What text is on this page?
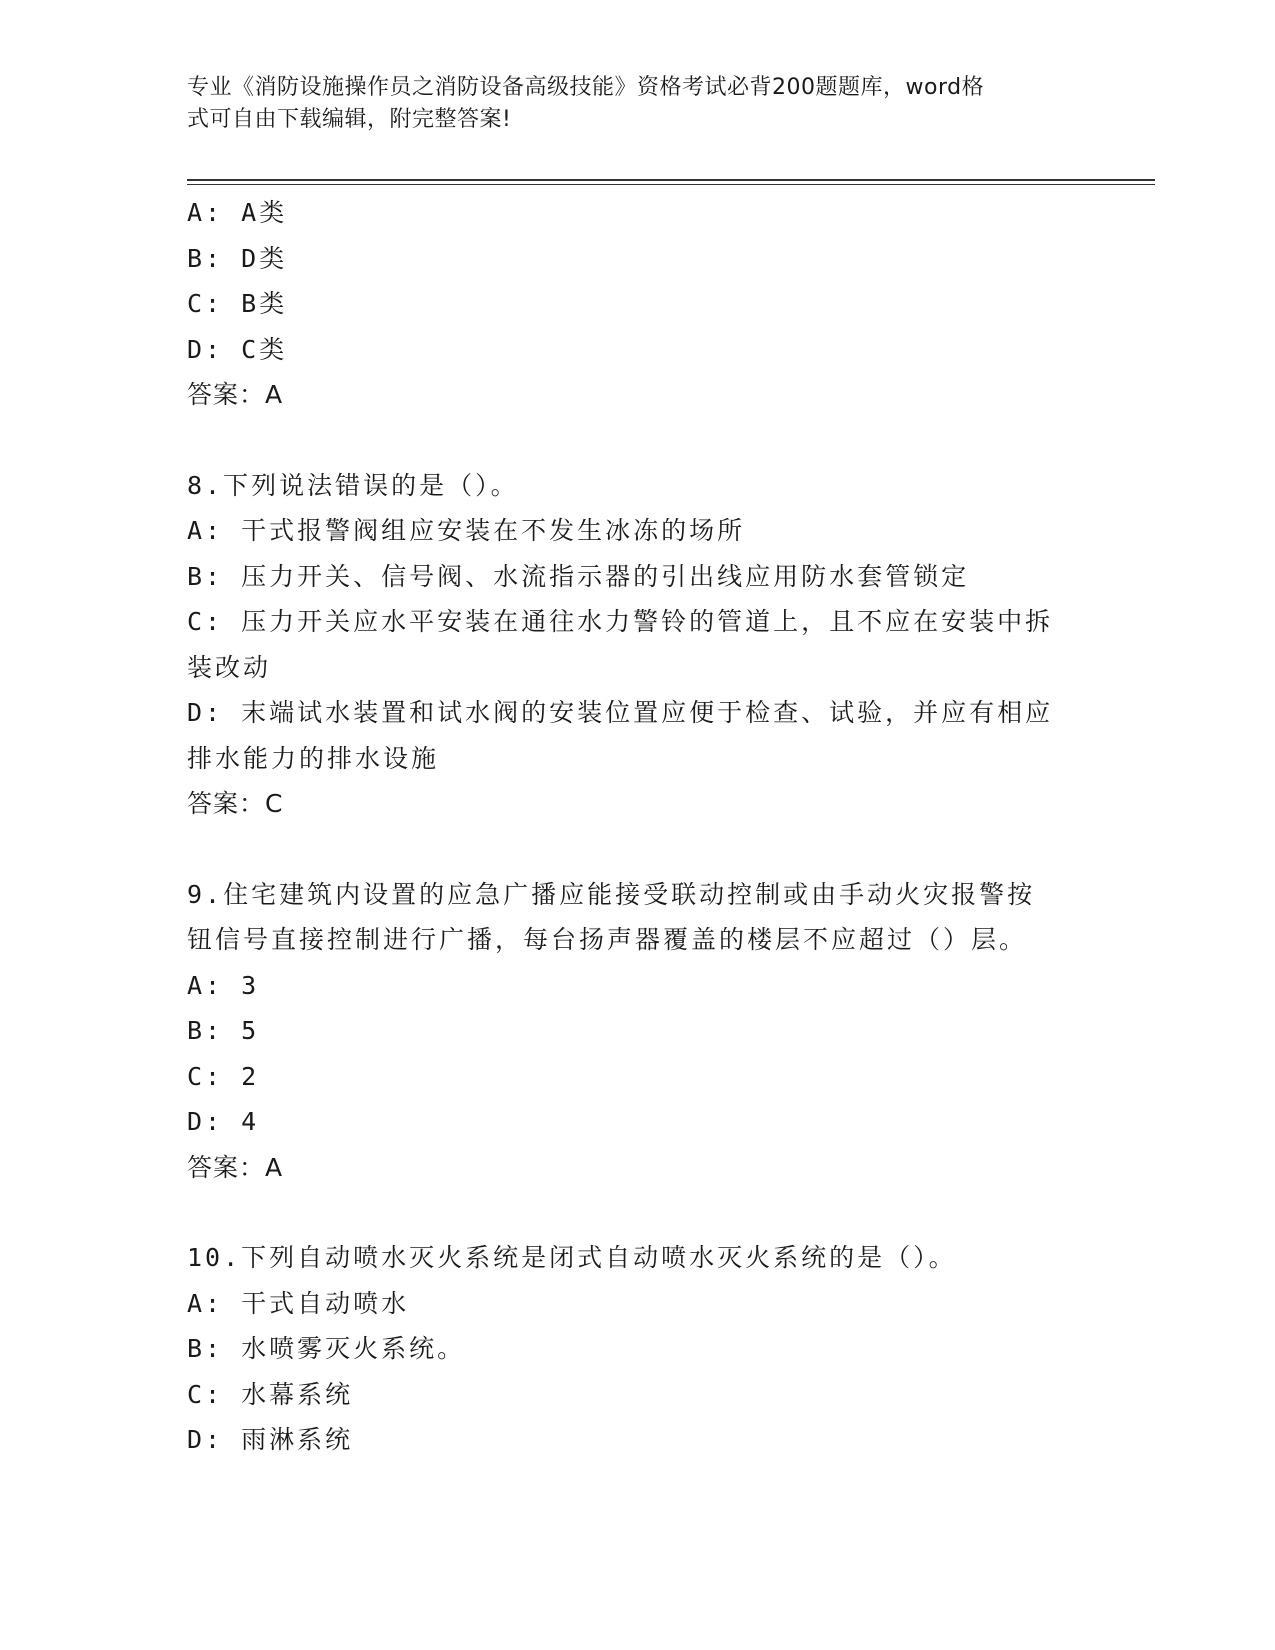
专业《消防设施操作员之消防设备高级技能》资格考试必背200题题库，word格
式可自由下载编辑，附完整答案!
A: A类
B: D类
C: B类
D: C类
答案：A
8.下列说法错误的是（）。
A: 干式报警阀组应安装在不发生冰冻的场所
B: 压力开关、信号阀、水流指示器的引出线应用防水套管锁定
C: 压力开关应水平安装在通往水力警铃的管道上，且不应在安装中拆
装改动
D: 末端试水装置和试水阀的安装位置应便于检查、试验，并应有相应
排水能力的排水设施
答案：C
9.住宅建筑内设置的应急广播应能接受联动控制或由手动火灾报警按
钮信号直接控制进行广播，每台扬声器覆盖的楼层不应超过（）层。
A: 3
B: 5
C: 2
D: 4
答案：A
10.下列自动喷水灭火系统是闭式自动喷水灭火系统的是（）。
A: 干式自动喷水
B: 水喷雾灭火系统。
C: 水幕系统
D: 雨淋系统
